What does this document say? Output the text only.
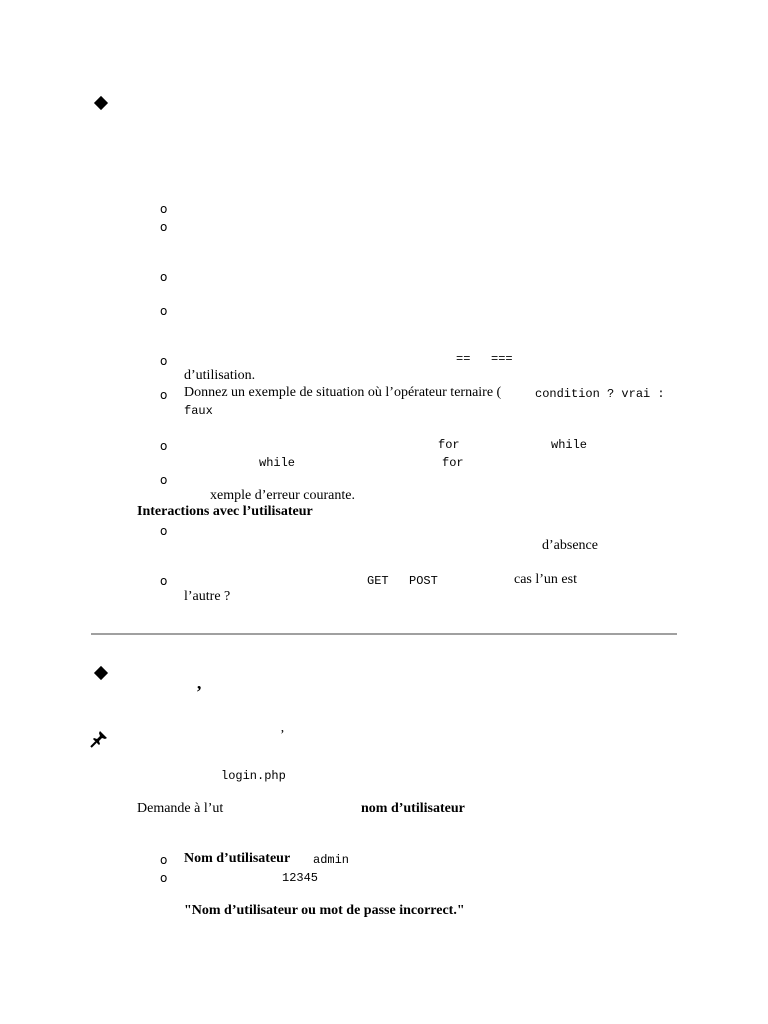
o
o
o
o
o	== ===
d’utilisation.
o Donnez un exemple de situation où l’opérateur ternaire (	condition ? vrai :
faux
o	for	while
while	for
o
xemple d’erreur courante.
Interactions avec l’utilisateur
o
d’absence
o	GET POST	cas l’un est
l’autre ?
’
’
login.php
Demande à l’ut	nom d’utilisateur
o Nom d’utilisateur admin
o	12345
"Nom d’utilisateur ou mot de passe incorrect."
